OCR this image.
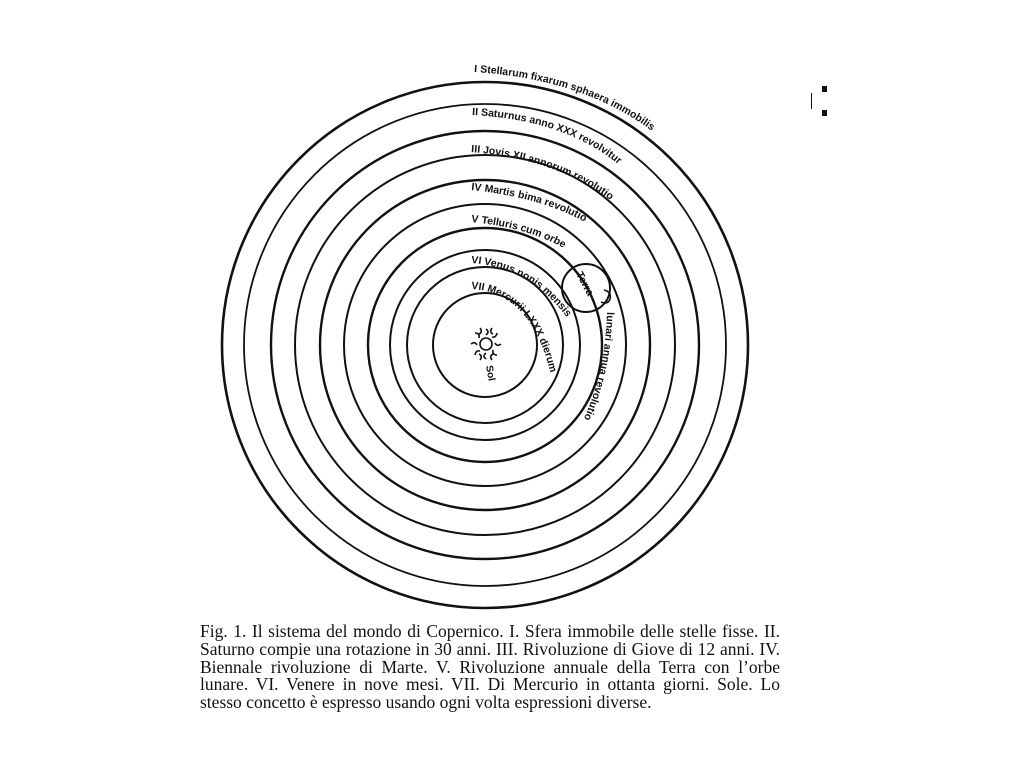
Terra
Sol
I Stellarum fixarum sphaera immobilis
II Saturnus anno XXX revolvitur
III Jovis XII annorum revolutio
IV Martis bima revolutio
V Telluris cum orbe
VI Venus nonis mensis
VII Mercurii LXXX dierum
lunari annua revolutio
Fig. 1. Il sistema del mondo di Copernico. I. Sfera immobile delle stelle fisse. II. Saturno compie una rotazione in 30 anni. III. Rivoluzione di Giove di 12 anni. IV. Biennale rivoluzione di Marte. V. Rivoluzione annuale della Terra con l’orbe lunare. VI. Venere in nove mesi. VII. Di Mercurio in ottanta giorni. Sole. Lo stesso concetto è espresso usando ogni volta espressioni diverse.
